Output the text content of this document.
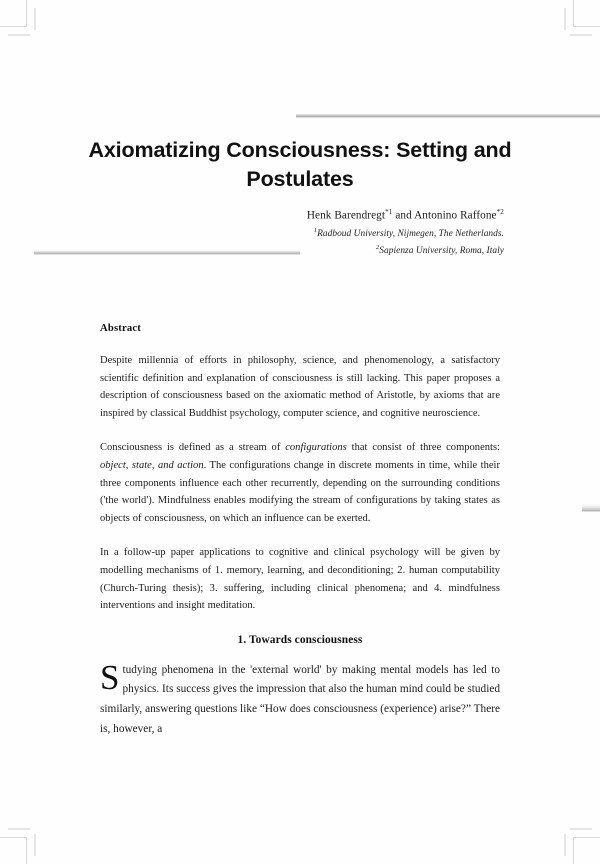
Axiomatizing Consciousness: Setting and Postulates
Henk Barendregt$^{*1}$ and Antonino Raffone$^{*2}$
$^1$Radboud University, Nijmegen, The Netherlands.
$^2$Sapienza University, Roma, Italy
Abstract

Despite millennia of efforts in philosophy, science, and phenomenology, a satisfactory scientific definition and explanation of consciousness is still lacking. This paper proposes a description of consciousness based on the axiomatic method of Aristotle, by axioms that are inspired by classical Buddhist psychology, computer science, and cognitive neuroscience.

Consciousness is defined as a stream of configurations that consist of three components: object, state, and action. The configurations change in discrete moments in time, while their three components influence each other recurrently, depending on the surrounding conditions ('the world'). Mindfulness enables modifying the stream of configurations by taking states as objects of consciousness, on which an influence can be exerted.

In a follow-up paper applications to cognitive and clinical psychology will be given by modelling mechanisms of 1. memory, learning, and deconditioning; 2. human computability (Church-Turing thesis); 3. suffering, including clinical phenomena; and 4. mindfulness interventions and insight meditation.

1. Towards consciousness

Studying phenomena in the 'external world' by making mental models has led to physics. Its success gives the impression that also the human mind could be studied similarly, answering questions like “How does consciousness (experience) arise?” There is, however, a
